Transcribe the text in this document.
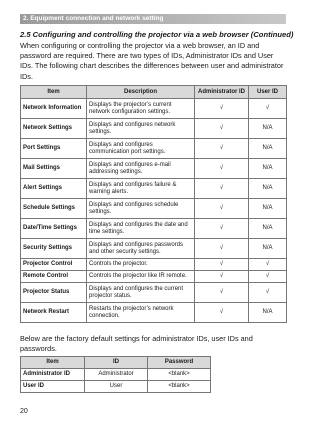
2. Equipment connection and network setting
2.5 Configuring and controlling the projector via a web browser (Continued)
When configuring or controlling the projector via a web browser, an ID and password are required. There are two types of IDs, Administrator IDs and User IDs. The following chart describes the differences between user and administrator IDs.
Item	Description	Administrator ID	User ID
Network Information	Displays the projector’s current network configuration settings.	√	√
Network Settings	Displays and configures network settings.	√	N/A
Port Settings	Displays and configures communication port settings.	√	N/A
Mail Settings	Displays and configures e-mail addressing settings.	√	N/A
Alert Settings	Displays and configures failure & warning alerts.	√	N/A
Schedule Settings	Displays and configures schedule settings.	√	N/A
Date/Time Settings	Displays and configures the date and time settings.	√	N/A
Security Settings	Displays and configures passwords and other security settings.	√	N/A
Projector Control	Controls the projector.	√	√
Remote Control	Controls the projector like IR remote.	√	√
Projector Status	Displays and configures the current projector status.	√	√
Network Restart	Restarts the projector’s network connection.	√	N/A
Below are the factory default settings for administrator IDs, user IDs and passwords.
Item	ID	Password
Administrator ID	Administrator	<blank>
User ID	User	<blank>
20
